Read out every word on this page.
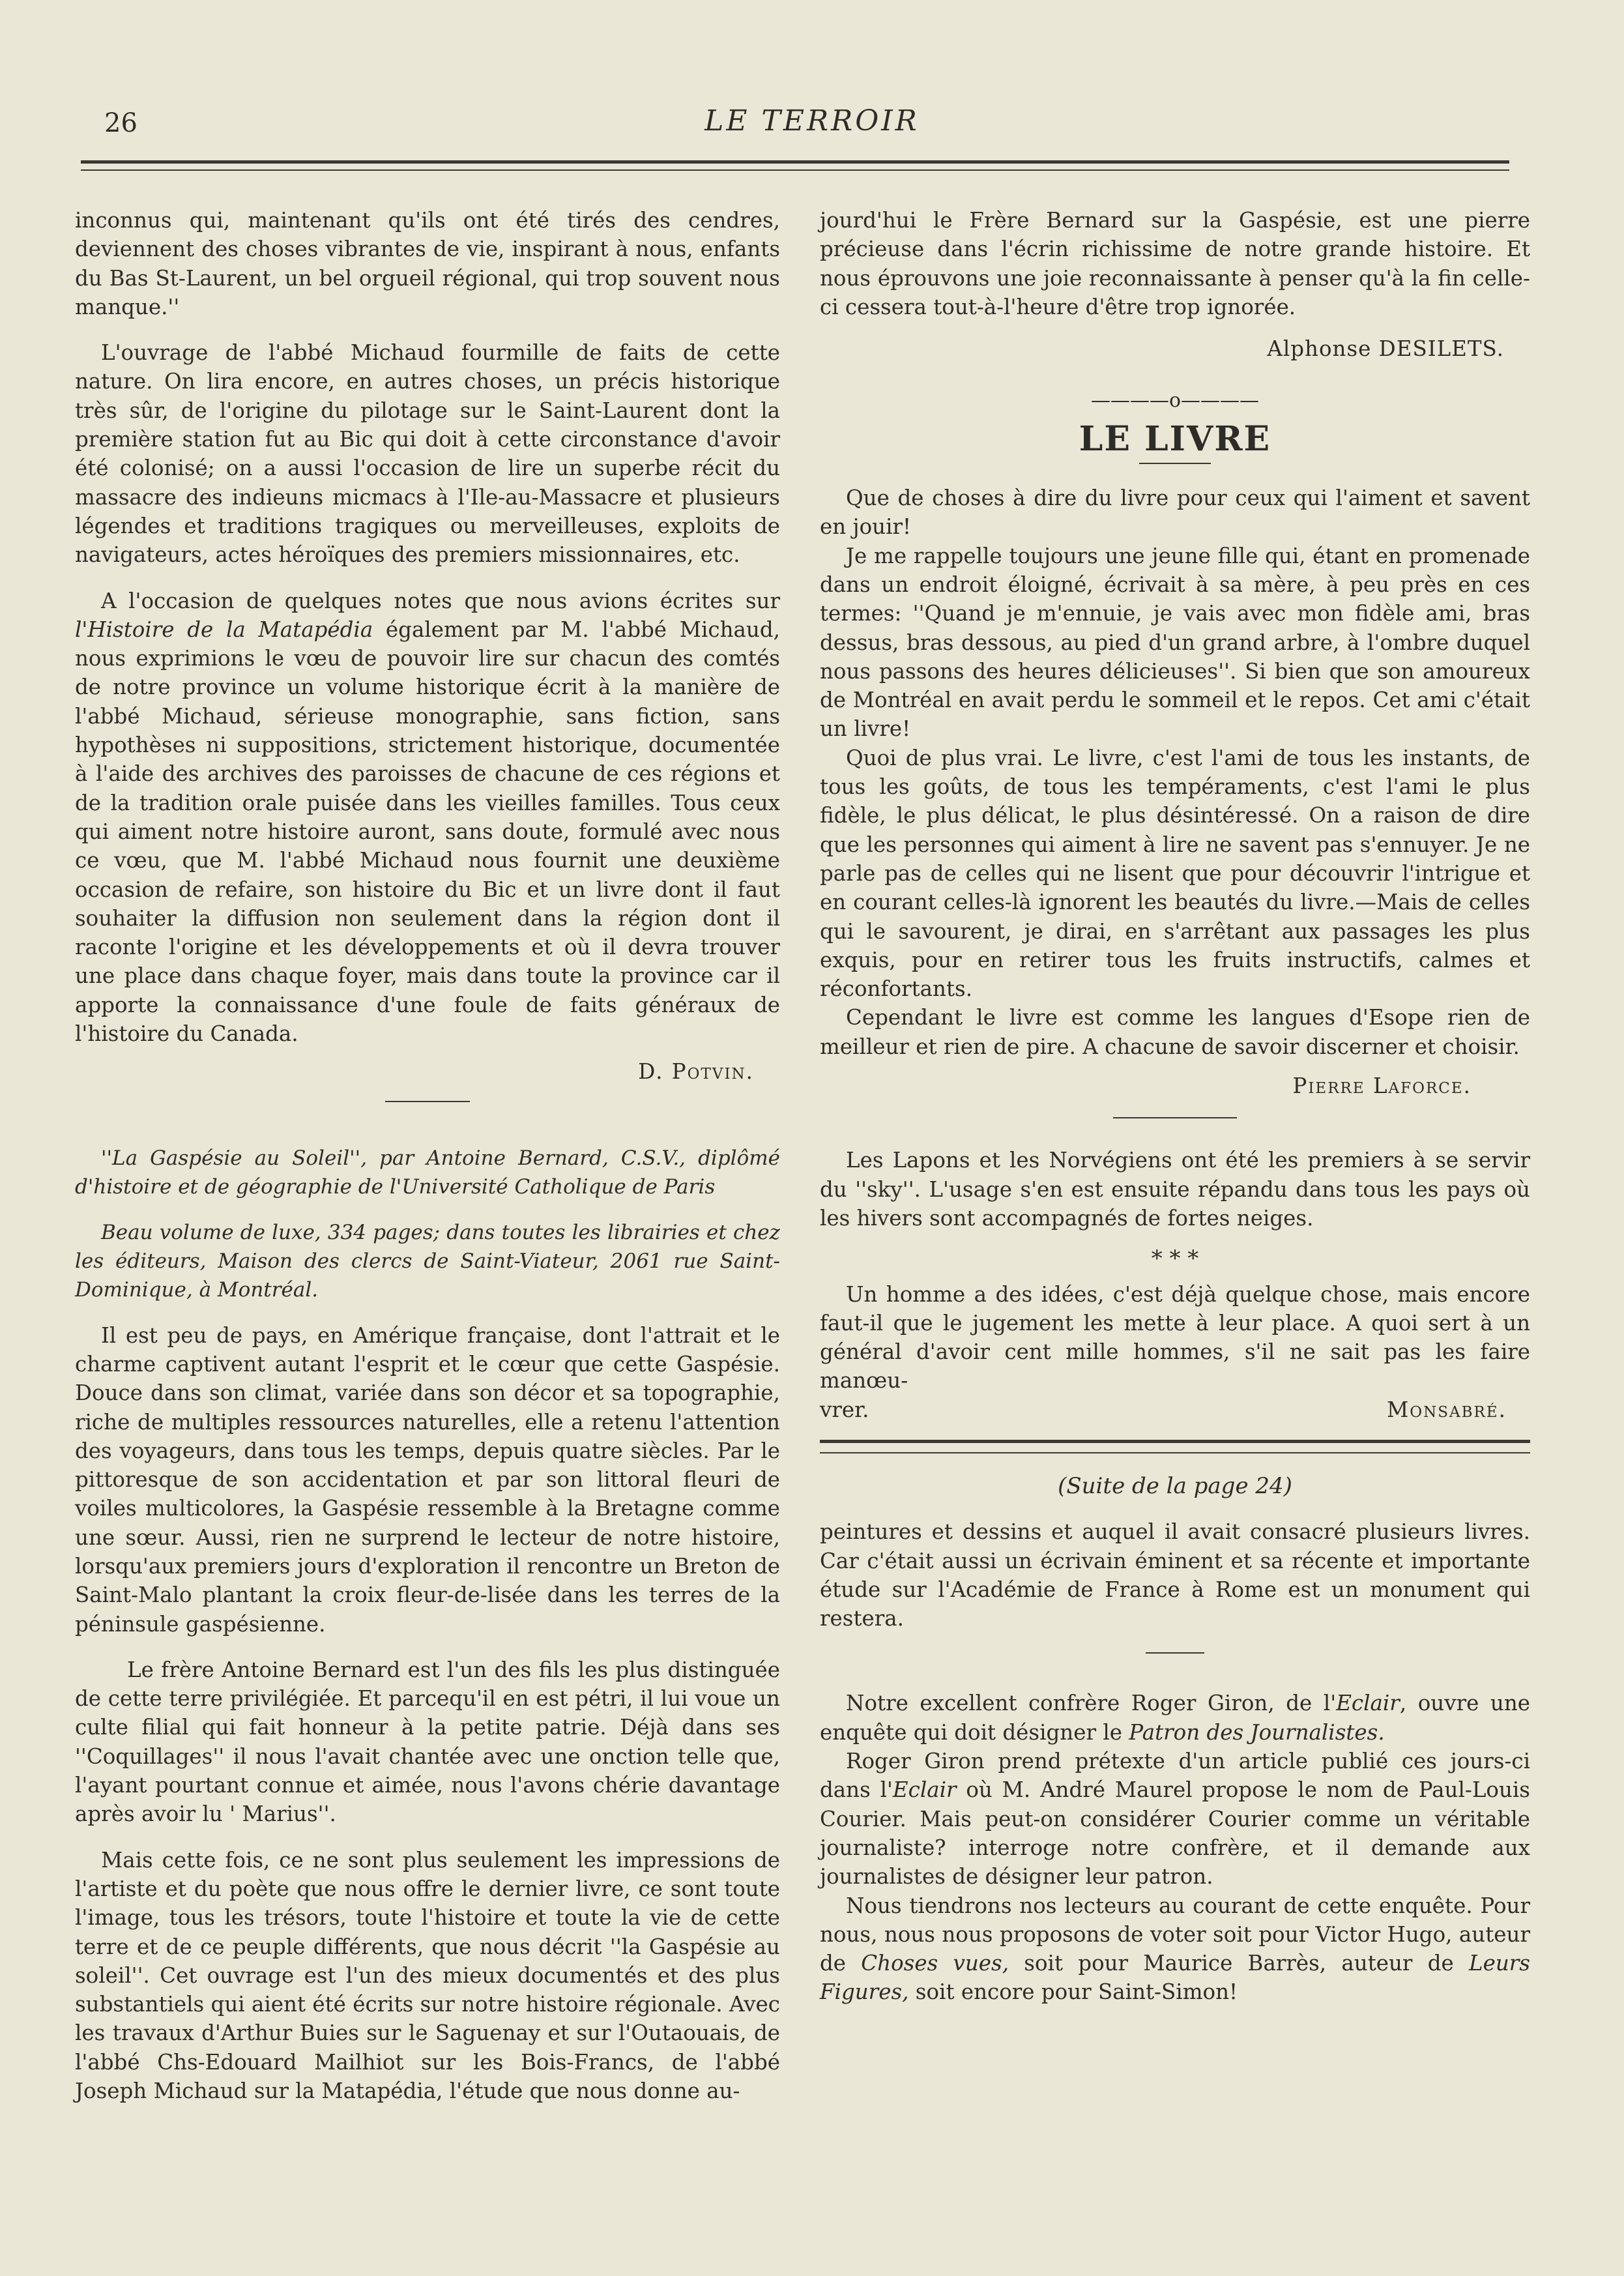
26	LE TERROIR

inconnus qui, maintenant qu'ils ont été tirés des cendres, deviennent des choses vibrantes de vie, inspirant à nous, enfants du Bas St-Laurent, un bel orgueil régional, qui trop souvent nous manque.''

L'ouvrage de l'abbé Michaud fourmille de faits de cette nature. On lira encore, en autres choses, un précis historique très sûr, de l'origine du pilotage sur le Saint-Laurent dont la première station fut au Bic qui doit à cette circonstance d'avoir été colonisé; on a aussi l'occasion de lire un superbe récit du massacre des indieuns micmacs à l'Ile-au-Massacre et plusieurs légendes et traditions tragiques ou merveilleuses, exploits de navigateurs, actes héroïques des premiers missionnaires, etc.

A l'occasion de quelques notes que nous avions écrites sur l'Histoire de la Matapédia également par M. l'abbé Michaud, nous exprimions le vœu de pouvoir lire sur chacun des comtés de notre province un volume historique écrit à la manière de l'abbé Michaud, sérieuse monographie, sans fiction, sans hypothèses ni suppositions, strictement historique, documentée à l'aide des archives des paroisses de chacune de ces régions et de la tradition orale puisée dans les vieilles familles. Tous ceux qui aiment notre histoire auront, sans doute, formulé avec nous ce vœu, que M. l'abbé Michaud nous fournit une deuxième occasion de refaire, son histoire du Bic et un livre dont il faut souhaiter la diffusion non seulement dans la région dont il raconte l'origine et les développements et où il devra trouver une place dans chaque foyer, mais dans toute la province car il apporte la connaissance d'une foule de faits généraux de l'histoire du Canada.

D. Potvin.

''La Gaspésie au Soleil'', par Antoine Bernard, C.S.V., diplômé d'histoire et de géographie de l'Université Catholique de Paris

Beau volume de luxe, 334 pages; dans toutes les librairies et chez les éditeurs, Maison des clercs de Saint-Viateur, 2061 rue Saint-Dominique, à Montréal.

Il est peu de pays, en Amérique française, dont l'attrait et le charme captivent autant l'esprit et le cœur que cette Gaspésie. Douce dans son climat, variée dans son décor et sa topographie, riche de multiples ressources naturelles, elle a retenu l'attention des voyageurs, dans tous les temps, depuis quatre siècles. Par le pittoresque de son accidentation et par son littoral fleuri de voiles multicolores, la Gaspésie ressemble à la Bretagne comme une sœur. Aussi, rien ne surprend le lecteur de notre histoire, lorsqu'aux premiers jours d'exploration il rencontre un Breton de Saint-Malo plantant la croix fleur-de-lisée dans les terres de la péninsule gaspésienne.

Le frère Antoine Bernard est l'un des fils les plus distinguée de cette terre privilégiée. Et parcequ'il en est pétri, il lui voue un culte filial qui fait honneur à la petite patrie. Déjà dans ses ''Coquillages'' il nous l'avait chantée avec une onction telle que, l'ayant pourtant connue et aimée, nous l'avons chérie davantage après avoir lu ' Marius''.

Mais cette fois, ce ne sont plus seulement les impressions de l'artiste et du poète que nous offre le dernier livre, ce sont toute l'image, tous les trésors, toute l'histoire et toute la vie de cette terre et de ce peuple différents, que nous décrit ''la Gaspésie au soleil''. Cet ouvrage est l'un des mieux documentés et des plus substantiels qui aient été écrits sur notre histoire régionale. Avec les travaux d'Arthur Buies sur le Saguenay et sur l'Outaouais, de l'abbé Chs-Edouard Mailhiot sur les Bois-Francs, de l'abbé Joseph Michaud sur la Matapédia, l'étude que nous donne au-

jourd'hui le Frère Bernard sur la Gaspésie, est une pierre précieuse dans l'écrin richissime de notre grande histoire. Et nous éprouvons une joie reconnaissante à penser qu'à la fin celle-ci cessera tout-à-l'heure d'être trop ignorée.

Alphonse DESILETS.

————o————
LE LIVRE

Que de choses à dire du livre pour ceux qui l'aiment et savent en jouir!

Je me rappelle toujours une jeune fille qui, étant en promenade dans un endroit éloigné, écrivait à sa mère, à peu près en ces termes: ''Quand je m'ennuie, je vais avec mon fidèle ami, bras dessus, bras dessous, au pied d'un grand arbre, à l'ombre duquel nous passons des heures délicieuses''. Si bien que son amoureux de Montréal en avait perdu le sommeil et le repos. Cet ami c'était un livre!

Quoi de plus vrai. Le livre, c'est l'ami de tous les instants, de tous les goûts, de tous les tempéraments, c'est l'ami le plus fidèle, le plus délicat, le plus désintéressé. On a raison de dire que les personnes qui aiment à lire ne savent pas s'ennuyer. Je ne parle pas de celles qui ne lisent que pour découvrir l'intrigue et en courant celles-là ignorent les beautés du livre.—Mais de celles qui le savourent, je dirai, en s'arrêtant aux passages les plus exquis, pour en retirer tous les fruits instructifs, calmes et réconfortants.

Cependant le livre est comme les langues d'Esope rien de meilleur et rien de pire. A chacune de savoir discerner et choisir.

Pierre Laforce.

Les Lapons et les Norvégiens ont été les premiers à se servir du ''sky''. L'usage s'en est ensuite répandu dans tous les pays où les hivers sont accompagnés de fortes neiges.

* * *

Un homme a des idées, c'est déjà quelque chose, mais encore faut-il que le jugement les mette à leur place. A quoi sert à un général d'avoir cent mille hommes, s'il ne sait pas les faire manœu-

vrer.	Monsabré.
(Suite de la page 24)

peintures et dessins et auquel il avait consacré plusieurs livres. Car c'était aussi un écrivain éminent et sa récente et importante étude sur l'Académie de France à Rome est un monument qui restera.

Notre excellent confrère Roger Giron, de l'Eclair, ouvre une enquête qui doit désigner le Patron des Journalistes.

Roger Giron prend prétexte d'un article publié ces jours-ci dans l'Eclair où M. André Maurel propose le nom de Paul-Louis Courier. Mais peut-on considérer Courier comme un véritable journaliste? interroge notre confrère, et il demande aux journalistes de désigner leur patron.

Nous tiendrons nos lecteurs au courant de cette enquête. Pour nous, nous nous proposons de voter soit pour Victor Hugo, auteur de Choses vues, soit pour Maurice Barrès, auteur de Leurs Figures, soit encore pour Saint-Simon!
